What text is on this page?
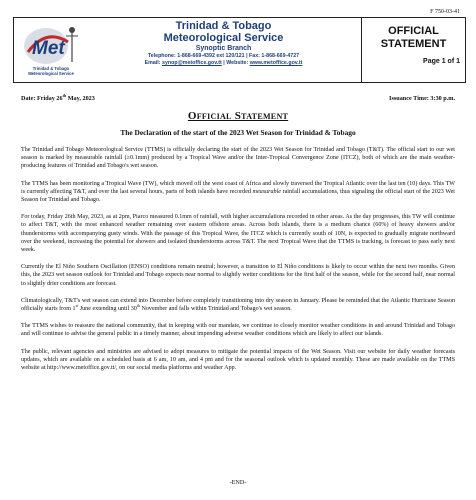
F 750-03-41
Met
Trinidad & Tobago
Meteorological Service
Trinidad & Tobago
Meteorological Service
Synoptic Branch
Telephone: 1-868-669-4392 ext 120/121 | Fax: 1-868-669-4727
Email: synop@metoffice.gov.tt | Website: www.metoffice.gov.tt
OFFICIAL
STATEMENT
Page 1 of 1
Date: Friday 26th May, 2023	Issuance Time: 3:30 p.m.
Official Statement
The Declaration of the start of the 2023 Wet Season for Trinidad & Tobago

The Trinidad and Tobago Meteorological Service (TTMS) is officially declaring the start of the 2023 Wet Season for Trinidad and Tobago (T&T). The official start to our wet season is marked by measurable rainfall (≥0.1mm) produced by a Tropical Wave and/or the Inter-Tropical Convergence Zone (ITCZ), both of which are the main weather-producing features of Trinidad and Tobago's wet season.

The TTMS has been monitoring a Tropical Wave (TW), which moved off the west coast of Africa and slowly traversed the Tropical Atlantic over the last ten (10) days. This TW is currently affecting T&T, and over the last several hours, parts of both islands have recorded measurable rainfall accumulations, thus signaling the official start of the 2023 Wet Season for Trinidad and Tobago.

For today, Friday 26th May, 2023, as at 2pm, Piarco measured 0.1mm of rainfall, with higher accumulations recorded in other areas. As the day progresses, this TW will continue to affect T&T, with the most enhanced weather remaining over eastern offshore areas. Across both islands, there is a medium chance (60%) of heavy showers and/or thunderstorms with accompanying gusty winds. With the passage of this Tropical Wave, the ITCZ which is currently south of 10N, is expected to gradually migrate northward over the weekend, increasing the potential for showers and isolated thunderstorms across T&T. The next Tropical Wave that the TTMS is tracking, is forecast to pass early next week.

Currently the El Niño Southern Oscillation (ENSO) conditions remain neutral; however, a transition to El Niño conditions is likely to occur within the next two months. Given this, the 2023 wet season outlook for Trinidad and Tobago expects near normal to slightly wetter conditions for the first half of the season, while for the second half, near normal to slightly drier conditions are forecast.

Climatologically, T&T's wet season can extend into December before completely transitioning into dry season in January. Please be reminded that the Atlantic Hurricane Season officially starts from 1st June extending until 30th November and falls within Trinidad and Tobago's wet season.

The TTMS wishes to reassure the national community, that in keeping with our mandate, we continue to closely monitor weather conditions in and around Trinidad and Tobago and will continue to advise the general public in a timely manner, about impending adverse weather conditions which are likely to affect our islands.

The public, relevant agencies and ministries are advised to adopt measures to mitigate the potential impacts of the Wet Season. Visit our website for daily weather forecasts updates, which are available on a scheduled basis at 6 am, 10 am, and 4 pm and for the seasonal outlook which is updated monthly. These are made available on the TTMS website at http://www.metoffice.gov.tt/, on our social media platforms and weather App.

-END-
